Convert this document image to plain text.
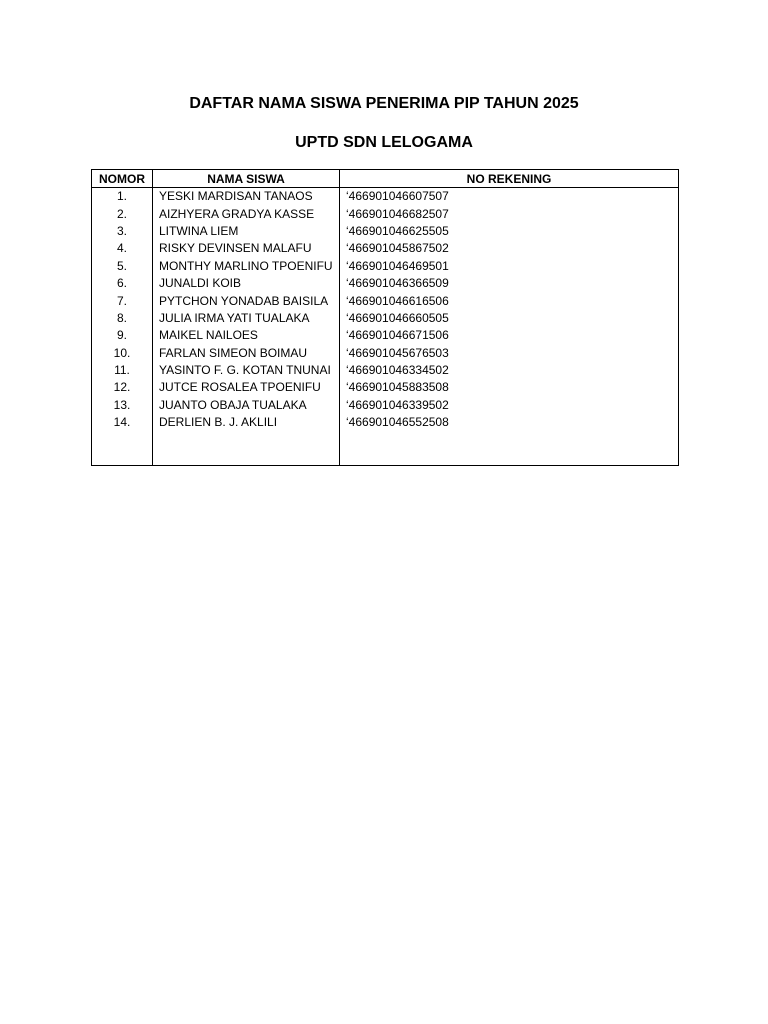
DAFTAR NAMA SISWA PENERIMA PIP TAHUN 2025
UPTD SDN LELOGAMA
NOMOR	NAMA SISWA	NO REKENING
1.	YESKI MARDISAN TANAOS	‘466901046607507
2.	AIZHYERA GRADYA KASSE	‘466901046682507
3.	LITWINA LIEM	‘466901046625505
4.	RISKY DEVINSEN MALAFU	‘466901045867502
5.	MONTHY MARLINO TPOENIFU	‘466901046469501
6.	JUNALDI KOIB	‘466901046366509
7.	PYTCHON YONADAB BAISILA	‘466901046616506
8.	JULIA IRMA YATI TUALAKA	‘466901046660505
9.	MAIKEL NAILOES	‘466901046671506
10.	FARLAN SIMEON BOIMAU	‘466901045676503
11.	YASINTO F. G. KOTAN TNUNAI	‘466901046334502
12.	JUTCE ROSALEA TPOENIFU	‘466901045883508
13.	JUANTO OBAJA TUALAKA	‘466901046339502
14.	DERLIEN B. J. AKLILI	‘466901046552508
